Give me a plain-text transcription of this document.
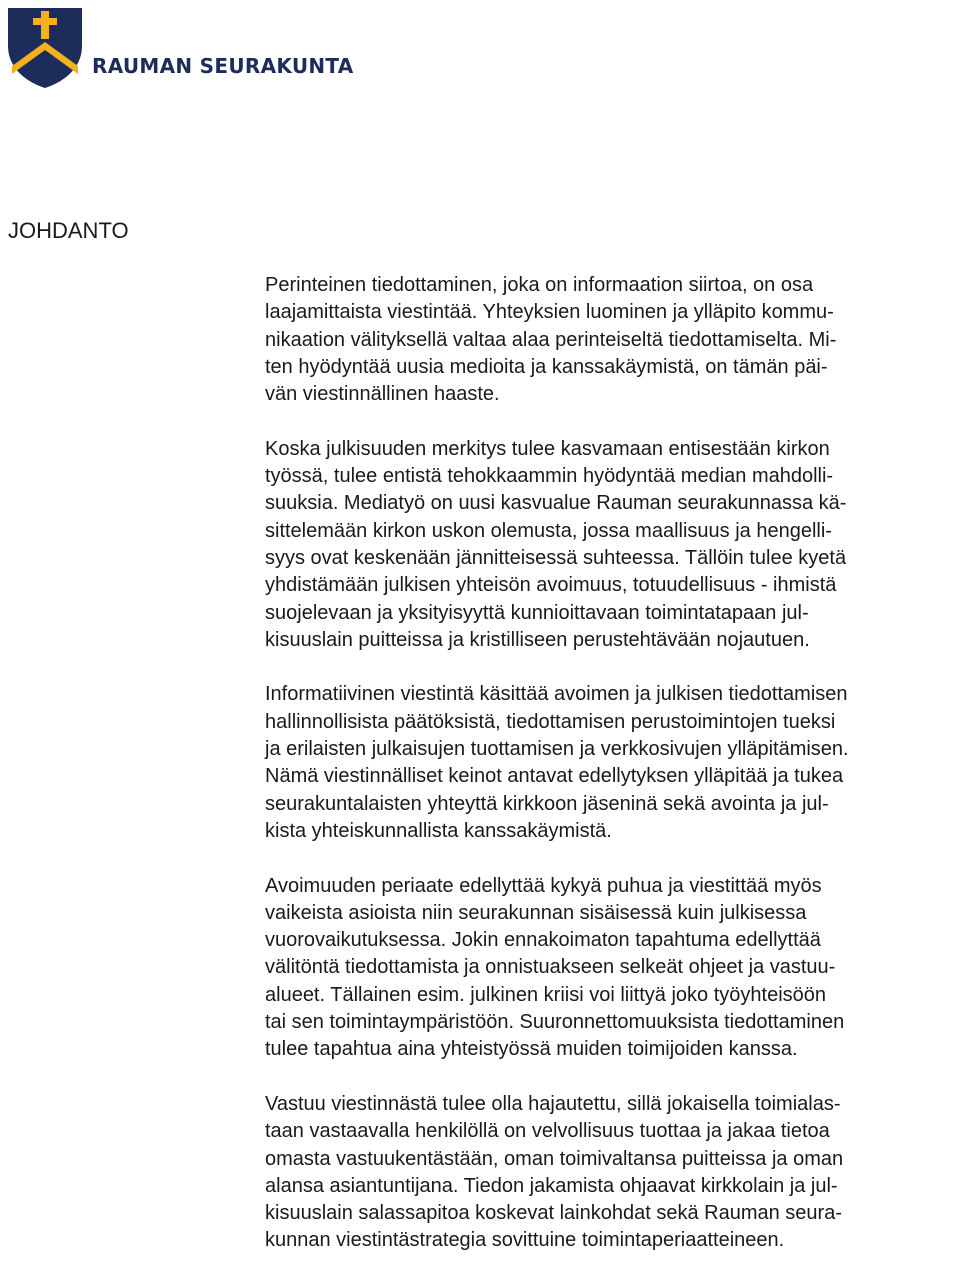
RAUMAN SEURAKUNTA
JOHDANTO

Perinteinen tiedottaminen, joka on informaation siirtoa, on osa
laajamittaista viestintää. Yhteyksien luominen ja ylläpito kommu-
nikaation välityksellä valtaa alaa perinteiseltä tiedottamiselta. Mi-
ten hyödyntää uusia medioita ja kanssakäymistä, on tämän päi-
vän viestinnällinen haaste.

Koska julkisuuden merkitys tulee kasvamaan entisestään kirkon
työssä, tulee entistä tehokkaammin hyödyntää median mahdolli-
suuksia. Mediatyö on uusi kasvualue Rauman seurakunnassa kä-
sittelemään kirkon uskon olemusta, jossa maallisuus ja hengelli-
syys ovat keskenään jännitteisessä suhteessa. Tällöin tulee kyetä
yhdistämään julkisen yhteisön avoimuus, totuudellisuus - ihmistä
suojelevaan ja yksityisyyttä kunnioittavaan toimintatapaan jul-
kisuuslain puitteissa ja kristilliseen perustehtävään nojautuen.

Informatiivinen viestintä käsittää avoimen ja julkisen tiedottamisen
hallinnollisista päätöksistä, tiedottamisen perustoimintojen tueksi
ja erilaisten julkaisujen tuottamisen ja verkkosivujen ylläpitämisen.
Nämä viestinnälliset keinot antavat edellytyksen ylläpitää ja tukea
seurakuntalaisten yhteyttä kirkkoon jäseninä sekä avointa ja jul-
kista yhteiskunnallista kanssakäymistä.

Avoimuuden periaate edellyttää kykyä puhua ja viestittää myös
vaikeista asioista niin seurakunnan sisäisessä kuin julkisessa
vuorovaikutuksessa. Jokin ennakoimaton tapahtuma edellyttää
välitöntä tiedottamista ja onnistuakseen selkeät ohjeet ja vastuu-
alueet. Tällainen esim. julkinen kriisi voi liittyä joko työyhteisöön
tai sen toimintaympäristöön. Suuronnettomuuksista tiedottaminen
tulee tapahtua aina yhteistyössä muiden toimijoiden kanssa.

Vastuu viestinnästä tulee olla hajautettu, sillä jokaisella toimialas-
taan vastaavalla henkilöllä on velvollisuus tuottaa ja jakaa tietoa
omasta vastuukentästään, oman toimivaltansa puitteissa ja oman
alansa asiantuntijana. Tiedon jakamista ohjaavat kirkkolain ja jul-
kisuuslain salassapitoa koskevat lainkohdat sekä Rauman seura-
kunnan viestintästrategia sovittuine toimintaperiaatteineen.
